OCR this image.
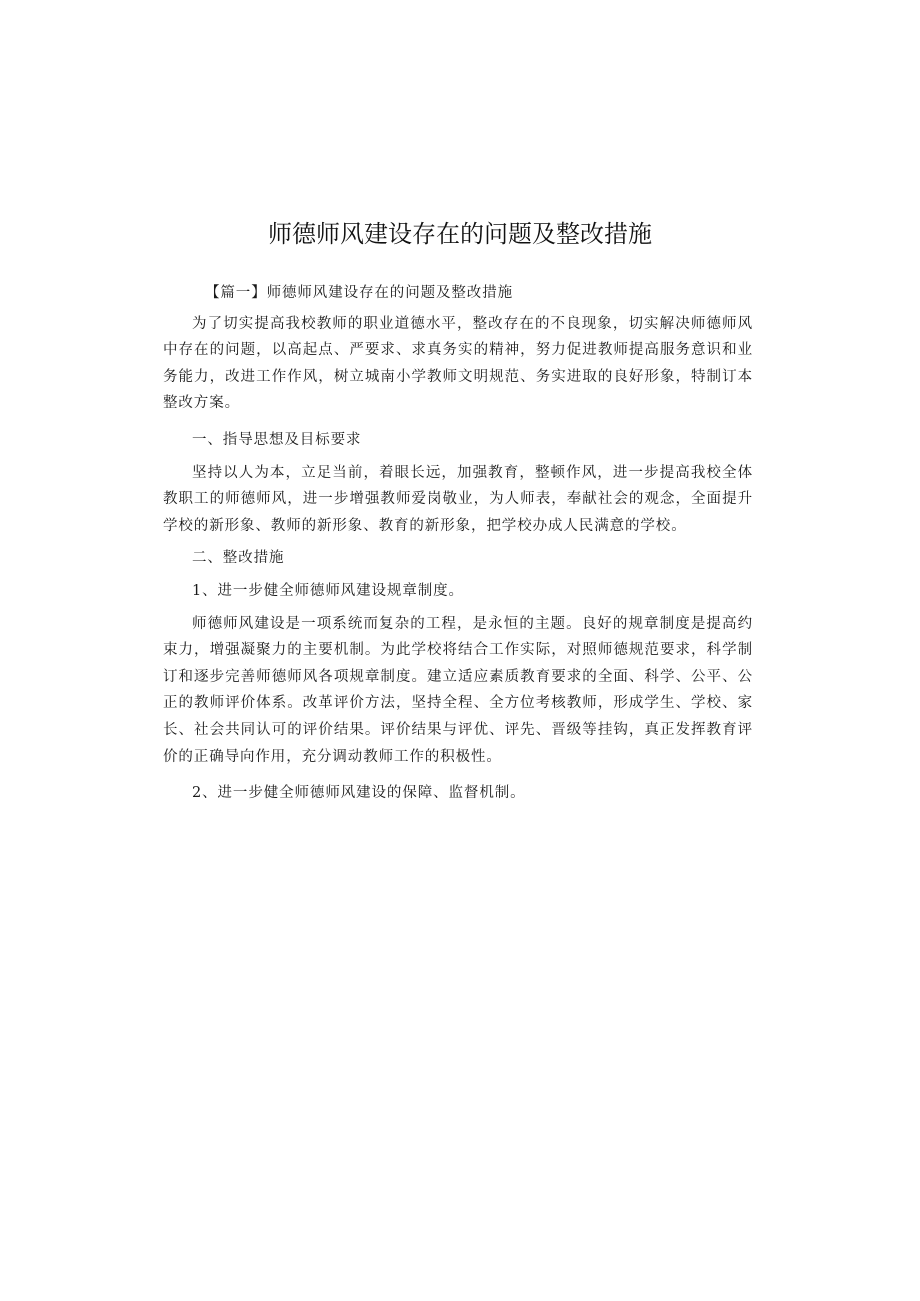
师德师风建设存在的问题及整改措施

【篇一】师德师风建设存在的问题及整改措施

为了切实提高我校教师的职业道德水平，整改存在的不良现象，切实解决师德师风中存在的问题，以高起点、严要求、求真务实的精神，努力促进教师提高服务意识和业务能力，改进工作作风，树立城南小学教师文明规范、务实进取的良好形象，特制订本整改方案。

一、指导思想及目标要求

坚持以人为本，立足当前，着眼长远，加强教育，整顿作风，进一步提高我校全体教职工的师德师风，进一步增强教师爱岗敬业，为人师表，奉献社会的观念，全面提升学校的新形象、教师的新形象、教育的新形象，把学校办成人民满意的学校。

二、整改措施

1、进一步健全师德师风建设规章制度。

师德师风建设是一项系统而复杂的工程，是永恒的主题。良好的规章制度是提高约束力，增强凝聚力的主要机制。为此学校将结合工作实际，对照师德规范要求，科学制订和逐步完善师德师风各项规章制度。建立适应素质教育要求的全面、科学、公平、公正的教师评价体系。改革评价方法，坚持全程、全方位考核教师，形成学生、学校、家长、社会共同认可的评价结果。评价结果与评优、评先、晋级等挂钩，真正发挥教育评价的正确导向作用，充分调动教师工作的积极性。

2、进一步健全师德师风建设的保障、监督机制。
